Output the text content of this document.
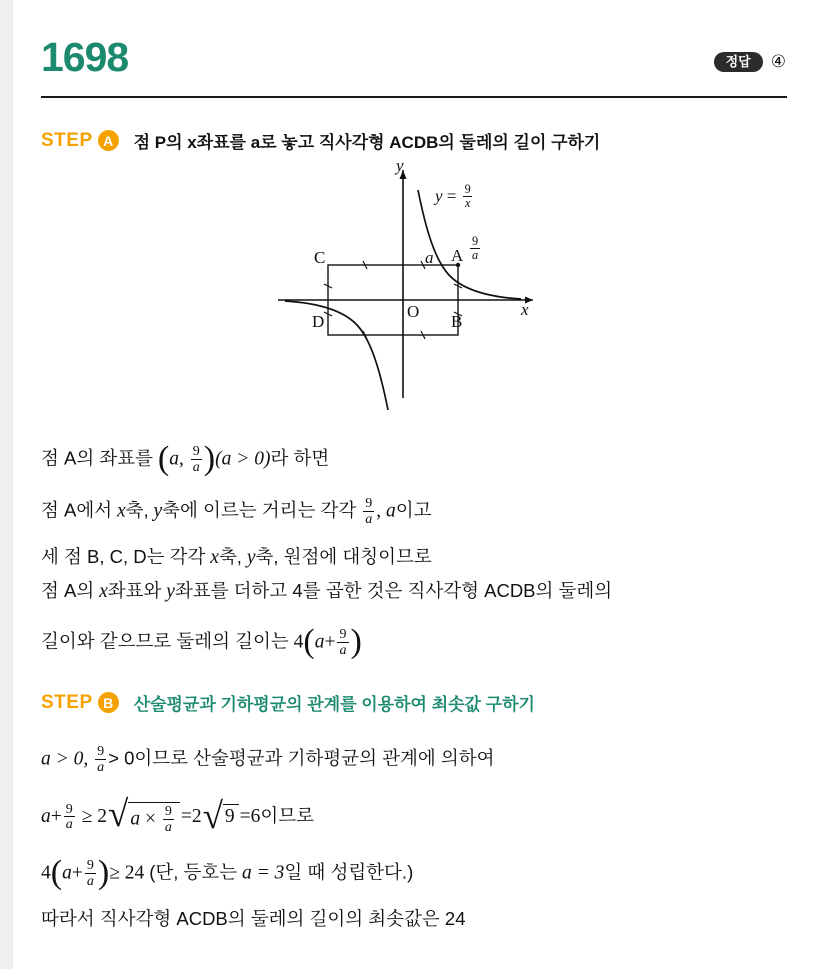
1698	정답	④
STEP A	점 P의 x좌표를 a로 놓고 직사각형 ACDB의 둘레의 길이 구하기
y
x
O
C
D
A
B
a	$\frac{9}{a}$
$y = \frac{9}{x}$
점 A의 좌표를 (a, $\frac{9}{a} )(a > 0)$라 하면
점 A에서 x축, y축에 이르는 거리는 각각 $\frac{9}{a}$ , a이고
세 점 B, C, D는 각각 x축, y축, 원점에 대칭이므로
점 A의 x좌표와 y좌표를 더하고 4를 곱한 것은 직사각형 ACDB의 둘레의
길이와 같으므로 둘레의 길이는 $4(a+ \frac{9}{a}$ )
STEP B	산술평균과 기하평균의 관계를 이용하여 최솟값 구하기
a > 0, $\frac{9}{a} > 0$이므로 산술평균과 기하평균의 관계에 의하여
$a+ \frac{9}{a} \ge 2$ √ $a \times \frac{9}{a} =2$ √ 9 =6이므로
$4(a+ \frac{9}{a}$ )≥ 24 (단, 등호는 a = 3일 때 성립한다.)
따라서 직사각형 ACDB의 둘레의 길이의 최솟값은 24
